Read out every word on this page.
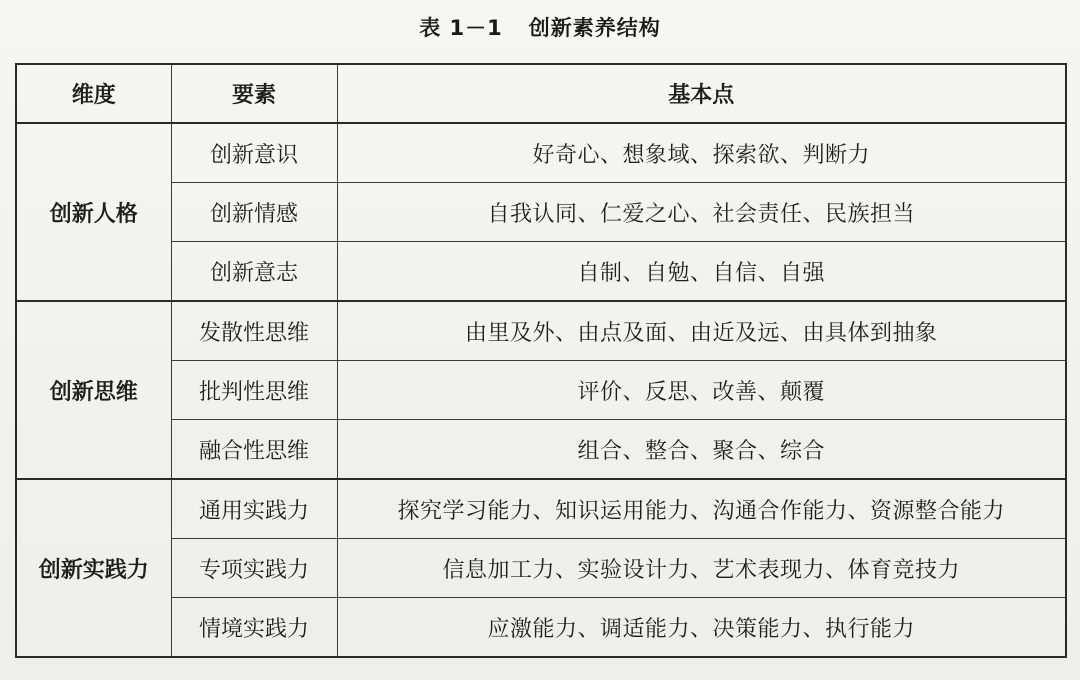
表 1－1 创新素养结构
维度	要素	基本点
创新人格	创新意识	好奇心、想象域、探索欲、判断力
	创新情感	自我认同、仁爱之心、社会责任、民族担当
	创新意志	自制、自勉、自信、自强
创新思维	发散性思维	由里及外、由点及面、由近及远、由具体到抽象
	批判性思维	评价、反思、改善、颠覆
	融合性思维	组合、整合、聚合、综合
创新实践力	通用实践力	探究学习能力、知识运用能力、沟通合作能力、资源整合能力
	专项实践力	信息加工力、实验设计力、艺术表现力、体育竞技力
	情境实践力	应激能力、调适能力、决策能力、执行能力
